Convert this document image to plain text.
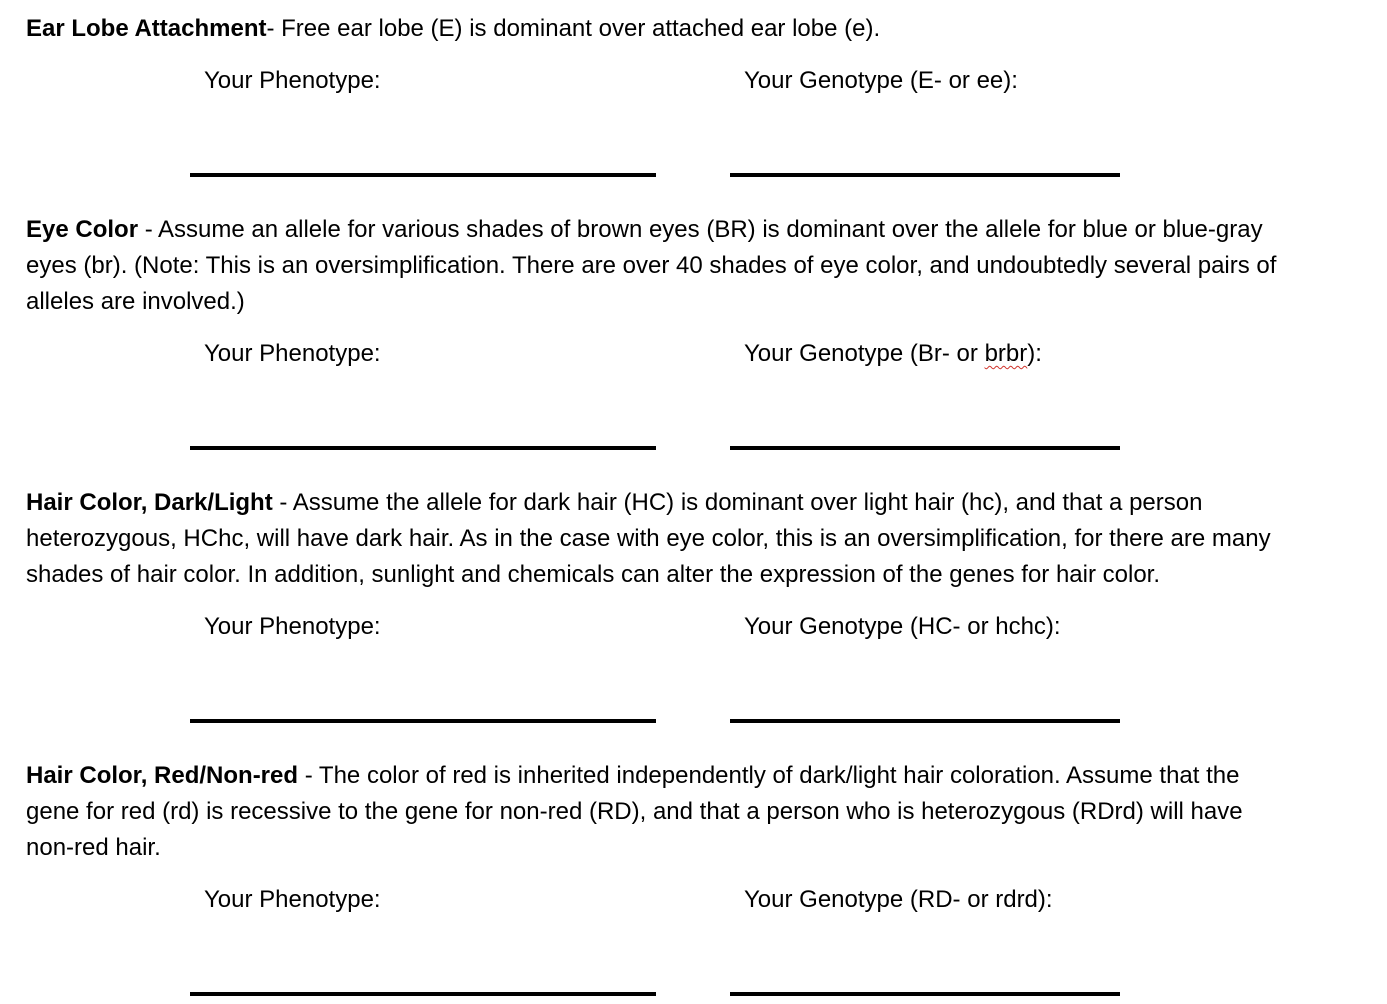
Ear Lobe Attachment- Free ear lobe (E) is dominant over attached ear lobe (e).

Your Phenotype:	Your Genotype (E- or ee):

Eye Color - Assume an allele for various shades of brown eyes (BR) is dominant over the allele for blue or blue-gray
eyes (br). (Note: This is an oversimplification. There are over 40 shades of eye color, and undoubtedly several pairs of
alleles are involved.)

Your Phenotype:	Your Genotype (Br- or brbr):

Hair Color, Dark/Light - Assume the allele for dark hair (HC) is dominant over light hair (hc), and that a person
heterozygous, HChc, will have dark hair. As in the case with eye color, this is an oversimplification, for there are many
shades of hair color. In addition, sunlight and chemicals can alter the expression of the genes for hair color.

Your Phenotype:	Your Genotype (HC- or hchc):

Hair Color, Red/Non-red - The color of red is inherited independently of dark/light hair coloration. Assume that the
gene for red (rd) is recessive to the gene for non-red (RD), and that a person who is heterozygous (RDrd) will have
non-red hair.

Your Phenotype:	Your Genotype (RD- or rdrd):
